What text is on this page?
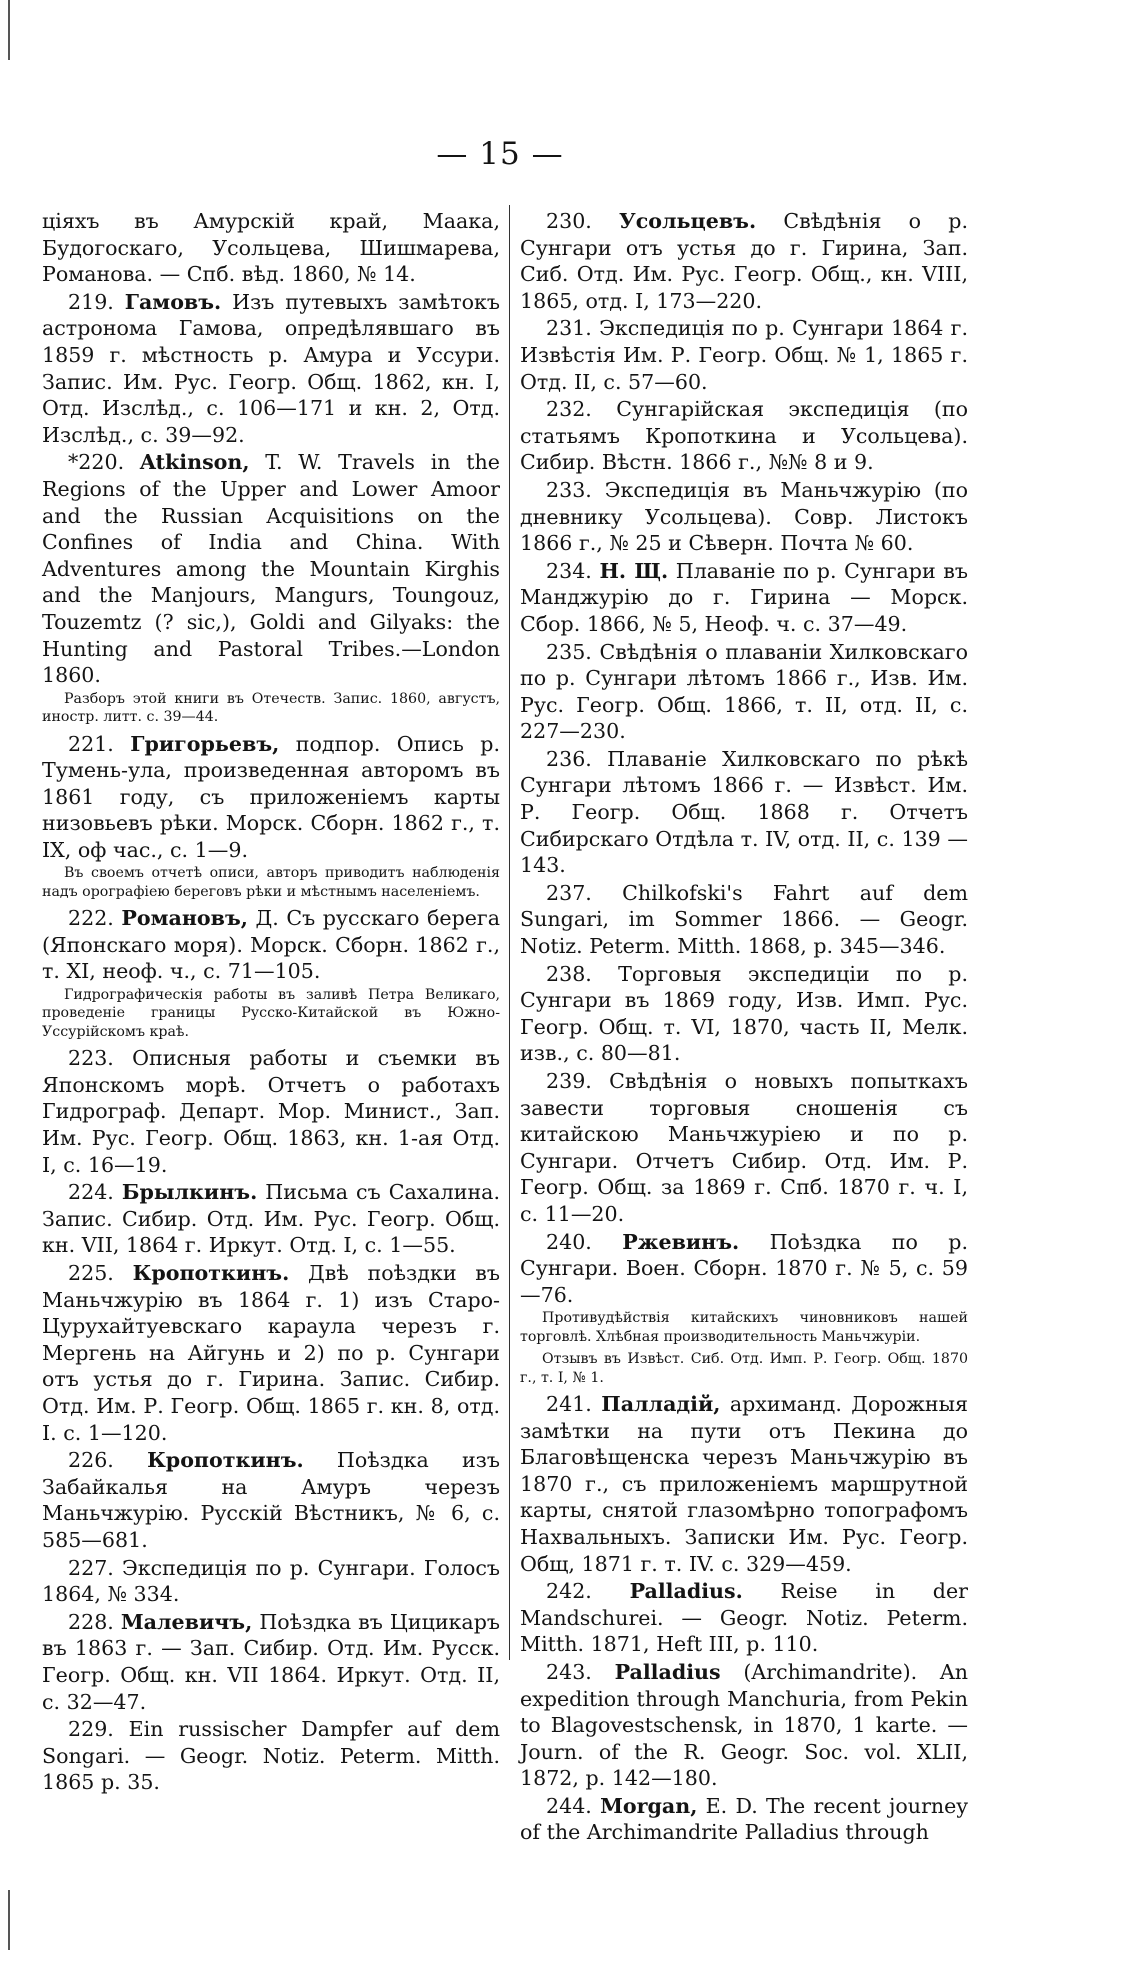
— 15 —

ціяхъ въ Амурскій край, Маака, Будогоскаго, Усольцева, Шишмарева, Романова. — Спб. вѣд. 1860, № 14.

219. Гамовъ. Изъ путевыхъ замѣтокъ астронома Гамова, опредѣлявшаго въ 1859 г. мѣстность р. Амура и Уссури. Запис. Им. Рус. Геогр. Общ. 1862, кн. I, Отд. Изслѣд., с. 106—171 и кн. 2, Отд. Изслѣд., с. 39—92.

*220. Atkinson, T. W. Travels in the Regions of the Upper and Lower Amoor and the Russian Acquisitions on the Confines of India and China. With Adventures among the Mountain Kirghis and the Manjours, Mangurs, Toungouz, Touzemtz (? sic,), Goldi and Gilyaks: the Hunting and Pastoral Tribes.—London 1860.

Разборъ этой книги въ Отечеств. Запис. 1860, августъ, иностр. литт. с. 39—44.

221. Григорьевъ, подпор. Опись р. Тумень-ула, произведенная авторомъ въ 1861 году, съ приложеніемъ карты низовьевъ рѣки. Морск. Сборн. 1862 г., т. IX, оф час., с. 1—9.

Въ своемъ отчетѣ описи, авторъ приводитъ наблюденія надъ орографіею береговъ рѣки и мѣстнымъ населеніемъ.

222. Романовъ, Д. Съ русскаго берега (Японскаго моря). Морск. Сборн. 1862 г., т. XI, неоф. ч., с. 71—105.

Гидрографическія работы въ заливѣ Петра Великаго, проведеніе границы Русско-Китайской въ Южно-Уссурійскомъ краѣ.

223. Описныя работы и съемки въ Японскомъ морѣ. Отчетъ о работахъ Гидрограф. Департ. Мор. Минист., Зап. Им. Рус. Геогр. Общ. 1863, кн. 1-ая Отд. I, с. 16—19.

224. Брылкинъ. Письма съ Сахалина. Запис. Сибир. Отд. Им. Рус. Геогр. Общ. кн. VII, 1864 г. Иркут. Отд. I, с. 1—55.

225. Кропоткинъ. Двѣ поѣздки въ Маньчжурію въ 1864 г. 1) изъ Старо-Цурухайтуевскаго караула черезъ г. Мергень на Айгунь и 2) по р. Сунгари отъ устья до г. Гирина. Запис. Сибир. Отд. Им. Р. Геогр. Общ. 1865 г. кн. 8, отд. I. с. 1—120.

226. Кропоткинъ. Поѣздка изъ Забайкалья на Амуръ черезъ Маньчжурію. Русскій Вѣстникъ, № 6, с. 585—681.

227. Экспедиція по р. Сунгари. Голосъ 1864, № 334.

228. Малевичъ, Поѣздка въ Цицикаръ въ 1863 г. — Зап. Сибир. Отд. Им. Русск. Геогр. Общ. кн. VII 1864. Иркут. Отд. II, с. 32—47.

229. Ein russischer Dampfer auf dem Songari. — Geogr. Notiz. Peterm. Mitth. 1865 p. 35.

230. Усольцевъ. Свѣдѣнія о р. Сунгари отъ устья до г. Гирина, Зап. Сиб. Отд. Им. Рус. Геогр. Общ., кн. VIII, 1865, отд. I, 173—220.

231. Экспедиція по р. Сунгари 1864 г. Извѣстія Им. Р. Геогр. Общ. № 1, 1865 г. Отд. II, с. 57—60.

232. Сунгарійская экспедиція (по статьямъ Кропоткина и Усольцева). Сибир. Вѣстн. 1866 г., №№ 8 и 9.

233. Экспедиція въ Маньчжурію (по дневнику Усольцева). Совр. Листокъ 1866 г., № 25 и Сѣверн. Почта № 60.

234. Н. Щ. Плаваніе по р. Сунгари въ Манджурію до г. Гирина — Морск. Сбор. 1866, № 5, Неоф. ч. с. 37—49.

235. Свѣдѣнія о плаваніи Хилковскаго по р. Сунгари лѣтомъ 1866 г., Изв. Им. Рус. Геогр. Общ. 1866, т. II, отд. II, с. 227—230.

236. Плаваніе Хилковскаго по рѣкѣ Сунгари лѣтомъ 1866 г. — Извѣст. Им. Р. Геогр. Общ. 1868 г. Отчетъ Сибирскаго Отдѣла т. IV, отд. II, с. 139 — 143.

237. Chilkofski's Fahrt auf dem Sungari, im Sommer 1866. — Geogr. Notiz. Peterm. Mitth. 1868, p. 345—346.

238. Торговыя экспедиціи по р. Сунгари въ 1869 году, Изв. Имп. Рус. Геогр. Общ. т. VI, 1870, часть II, Мелк. изв., с. 80—81.

239. Свѣдѣнія о новыхъ попыткахъ завести торговыя сношенія съ китайскою Маньчжуріею и по р. Сунгари. Отчетъ Сибир. Отд. Им. Р. Геогр. Общ. за 1869 г. Спб. 1870 г. ч. I, с. 11—20.

240. Ржевинъ. Поѣздка по р. Сунгари. Воен. Сборн. 1870 г. № 5, с. 59—76.

Противудѣйствія китайскихъ чиновниковъ нашей торговлѣ. Хлѣбная производительность Маньчжуріи.

Отзывъ въ Извѣст. Сиб. Отд. Имп. Р. Геогр. Общ. 1870 г., т. I, № 1.

241. Палладій, архиманд. Дорожныя замѣтки на пути отъ Пекина до Благовѣщенска черезъ Маньчжурію въ 1870 г., съ приложеніемъ маршрутной карты, снятой глазомѣрно топографомъ Нахвальныхъ. Записки Им. Рус. Геогр. Общ, 1871 г. т. IV. с. 329—459.

242. Palladius. Reise in der Mandschurei. — Geogr. Notiz. Peterm. Mitth. 1871, Heft III, p. 110.

243. Palladius (Archimandrite). An expedition through Manchuria, from Pekin to Blagovestschensk, in 1870, 1 karte. — Journ. of the R. Geogr. Soc. vol. XLII, 1872, p. 142—180.

244. Morgan, E. D. The recent journey of the Archimandrite Palladius through
